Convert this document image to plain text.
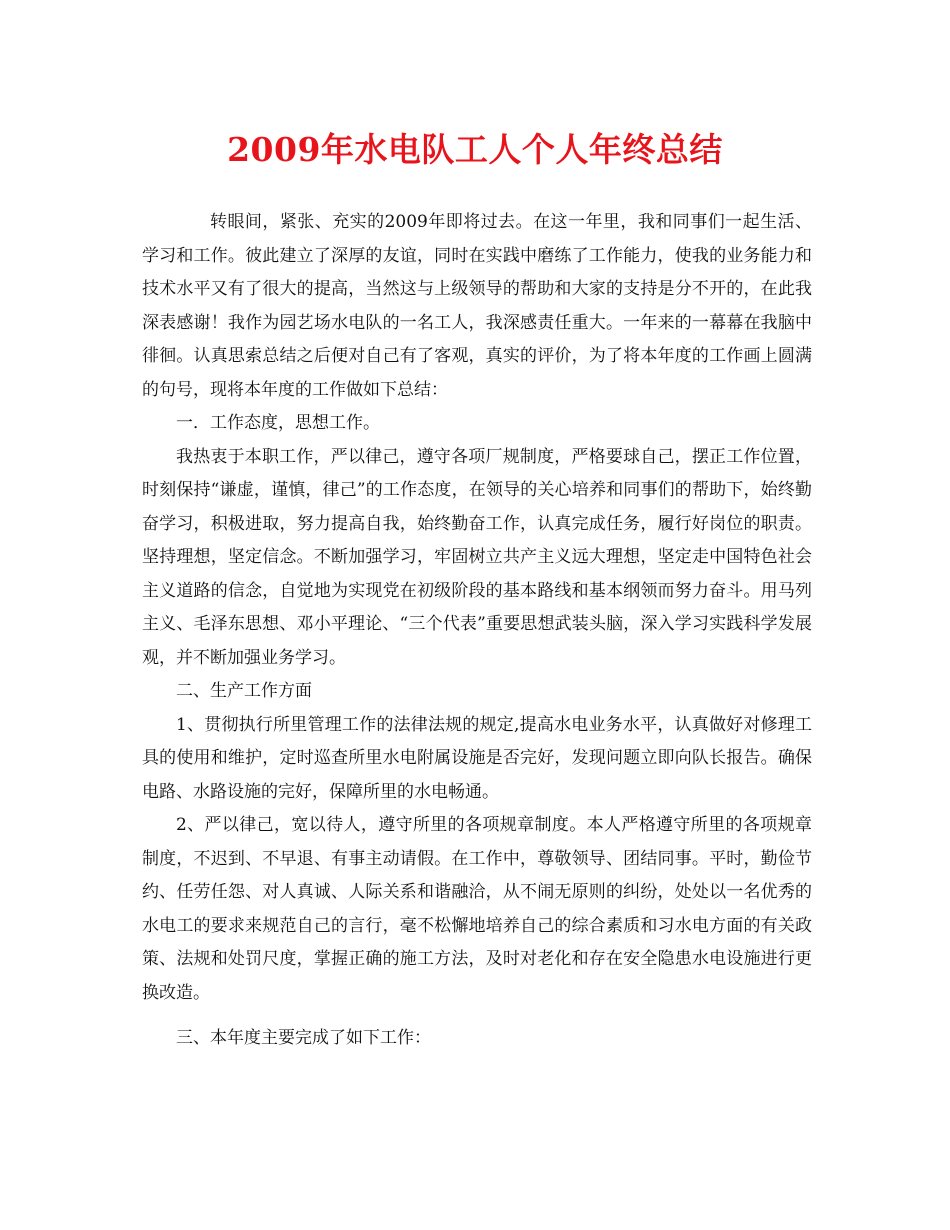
2009年水电队工人个人年终总结

转眼间，紧张、充实的2009年即将过去。在这一年里，我和同事们一起生活、学习和工作。彼此建立了深厚的友谊，同时在实践中磨练了工作能力，使我的业务能力和技术水平又有了很大的提高，当然这与上级领导的帮助和大家的支持是分不开的，在此我深表感谢！我作为园艺场水电队的一名工人，我深感责任重大。一年来的一幕幕在我脑中徘徊。认真思索总结之后便对自己有了客观，真实的评价，为了将本年度的工作画上圆满的句号，现将本年度的工作做如下总结：

一．工作态度，思想工作。

我热衷于本职工作，严以律己，遵守各项厂规制度，严格要球自己，摆正工作位置，时刻保持“谦虚，谨慎，律己”的工作态度，在领导的关心培养和同事们的帮助下，始终勤奋学习，积极进取，努力提高自我，始终勤奋工作，认真完成任务，履行好岗位的职责。坚持理想，坚定信念。不断加强学习，牢固树立共产主义远大理想，坚定走中国特色社会主义道路的信念，自觉地为实现党在初级阶段的基本路线和基本纲领而努力奋斗。用马列主义、毛泽东思想、邓小平理论、“三个代表”重要思想武装头脑，深入学习实践科学发展观，并不断加强业务学习。

二、生产工作方面

1、贯彻执行所里管理工作的法律法规的规定,提高水电业务水平，认真做好对修理工具的使用和维护，定时巡查所里水电附属设施是否完好，发现问题立即向队长报告。确保电路、水路设施的完好，保障所里的水电畅通。

2、严以律己，宽以待人，遵守所里的各项规章制度。本人严格遵守所里的各项规章制度，不迟到、不早退、有事主动请假。在工作中，尊敬领导、团结同事。平时，勤俭节约、任劳任怨、对人真诚、人际关系和谐融洽，从不闹无原则的纠纷，处处以一名优秀的水电工的要求来规范自己的言行，毫不松懈地培养自己的综合素质和习水电方面的有关政策、法规和处罚尺度，掌握正确的施工方法，及时对老化和存在安全隐患水电设施进行更换改造。

三、本年度主要完成了如下工作：
